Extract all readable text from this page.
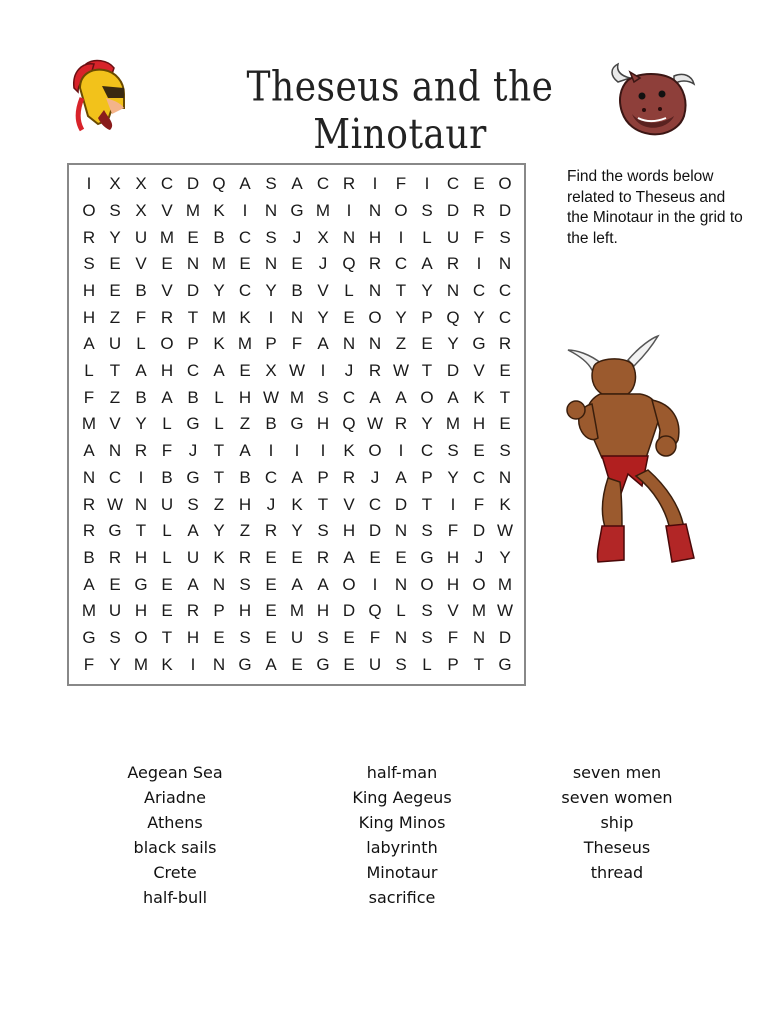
Theseus and the Minotaur
I	X X C D Q A S A C R	I	F	I	C E O
O S X V M K	I	N G M I	N O S D R D
R Y U M E B C S J X N H	I	L U F S
S E V E N M E N E J Q R C A R	I	N
H E B V D Y C Y B V L N T Y N C C
H Z F R T M K	I	N Y E O Y P Q Y C
A U L O P K M P F A N N Z E Y G R
L T A H C A E X W I	J R W T D V E
F Z B A B L H W M S C A A O A K T
M V Y L G L Z B G H Q W R Y M H E
A N R F J T A	I	I	I	K O	I	C S E S
N C	I	B G T B C A P R J A P Y C N
R W N U S Z H J K T V C D T	I	F K
R G T L A Y Z R Y S H D N S F D W
B R H L U K R E E R A E E G H J Y
A E G E A N S E A A O	I	N O H O M
M U H E R P H E M H D Q L S V M W
G S O T H E S E U S E F N S F N D
F Y M K	I	N G A E G E U S L P T G
Find the words below related to Theseus and the Minotaur in the grid to the left.
Aegean Sea
Ariadne
Athens
black sails
Crete
half-bull
half-man
King Aegeus
King Minos
labyrinth
Minotaur
sacrifice
seven men
seven women
ship
Theseus
thread
